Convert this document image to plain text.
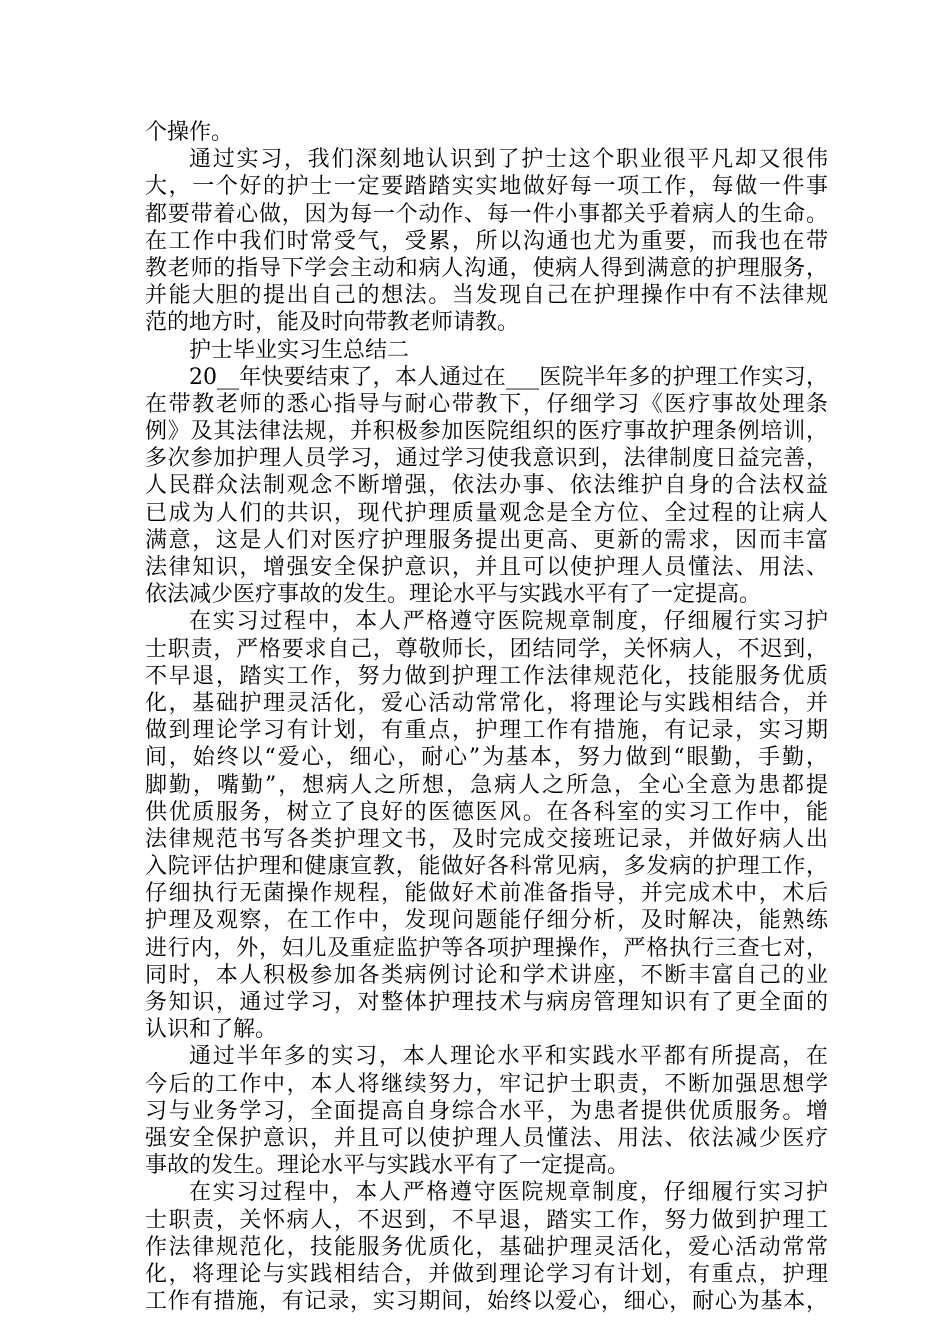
个操作。
通过实习，我们深刻地认识到了护士这个职业很平凡却又很伟
大，一个好的护士一定要踏踏实实地做好每一项工作，每做一件事
都要带着心做，因为每一个动作、每一件小事都关乎着病人的生命。
在工作中我们时常受气，受累，所以沟通也尤为重要，而我也在带
教老师的指导下学会主动和病人沟通，使病人得到满意的护理服务，
并能大胆的提出自己的想法。当发现自己在护理操作中有不法律规
范的地方时，能及时向带教老师请教。
护士毕业实习生总结二
20__年快要结束了，本人通过在___医院半年多的护理工作实习，
在带教老师的悉心指导与耐心带教下，仔细学习《医疗事故处理条
例》及其法律法规，并积极参加医院组织的医疗事故护理条例培训，
多次参加护理人员学习，通过学习使我意识到，法律制度日益完善，
人民群众法制观念不断增强，依法办事、依法维护自身的合法权益
已成为人们的共识，现代护理质量观念是全方位、全过程的让病人
满意，这是人们对医疗护理服务提出更高、更新的需求，因而丰富
法律知识，增强安全保护意识，并且可以使护理人员懂法、用法、
依法减少医疗事故的发生。理论水平与实践水平有了一定提高。
在实习过程中，本人严格遵守医院规章制度，仔细履行实习护
士职责，严格要求自己，尊敬师长，团结同学，关怀病人，不迟到，
不早退，踏实工作，努力做到护理工作法律规范化，技能服务优质
化，基础护理灵活化，爱心活动常常化，将理论与实践相结合，并
做到理论学习有计划，有重点，护理工作有措施，有记录，实习期
间，始终以“爱心，细心，耐心”为基本，努力做到“眼勤，手勤，
脚勤，嘴勤”，想病人之所想，急病人之所急，全心全意为患都提
供优质服务，树立了良好的医德医风。在各科室的实习工作中，能
法律规范书写各类护理文书，及时完成交接班记录，并做好病人出
入院评估护理和健康宣教，能做好各科常见病，多发病的护理工作，
仔细执行无菌操作规程，能做好术前准备指导，并完成术中，术后
护理及观察，在工作中，发现问题能仔细分析，及时解决，能熟练
进行内，外，妇儿及重症监护等各项护理操作，严格执行三查七对，
同时，本人积极参加各类病例讨论和学术讲座，不断丰富自己的业
务知识，通过学习，对整体护理技术与病房管理知识有了更全面的
认识和了解。
通过半年多的实习，本人理论水平和实践水平都有所提高，在
今后的工作中，本人将继续努力，牢记护士职责，不断加强思想学
习与业务学习，全面提高自身综合水平，为患者提供优质服务。增
强安全保护意识，并且可以使护理人员懂法、用法、依法减少医疗
事故的发生。理论水平与实践水平有了一定提高。
在实习过程中，本人严格遵守医院规章制度，仔细履行实习护
士职责，关怀病人，不迟到，不早退，踏实工作，努力做到护理工
作法律规范化，技能服务优质化，基础护理灵活化，爱心活动常常
化，将理论与实践相结合，并做到理论学习有计划，有重点，护理
工作有措施，有记录，实习期间，始终以爱心，细心，耐心为基本，
